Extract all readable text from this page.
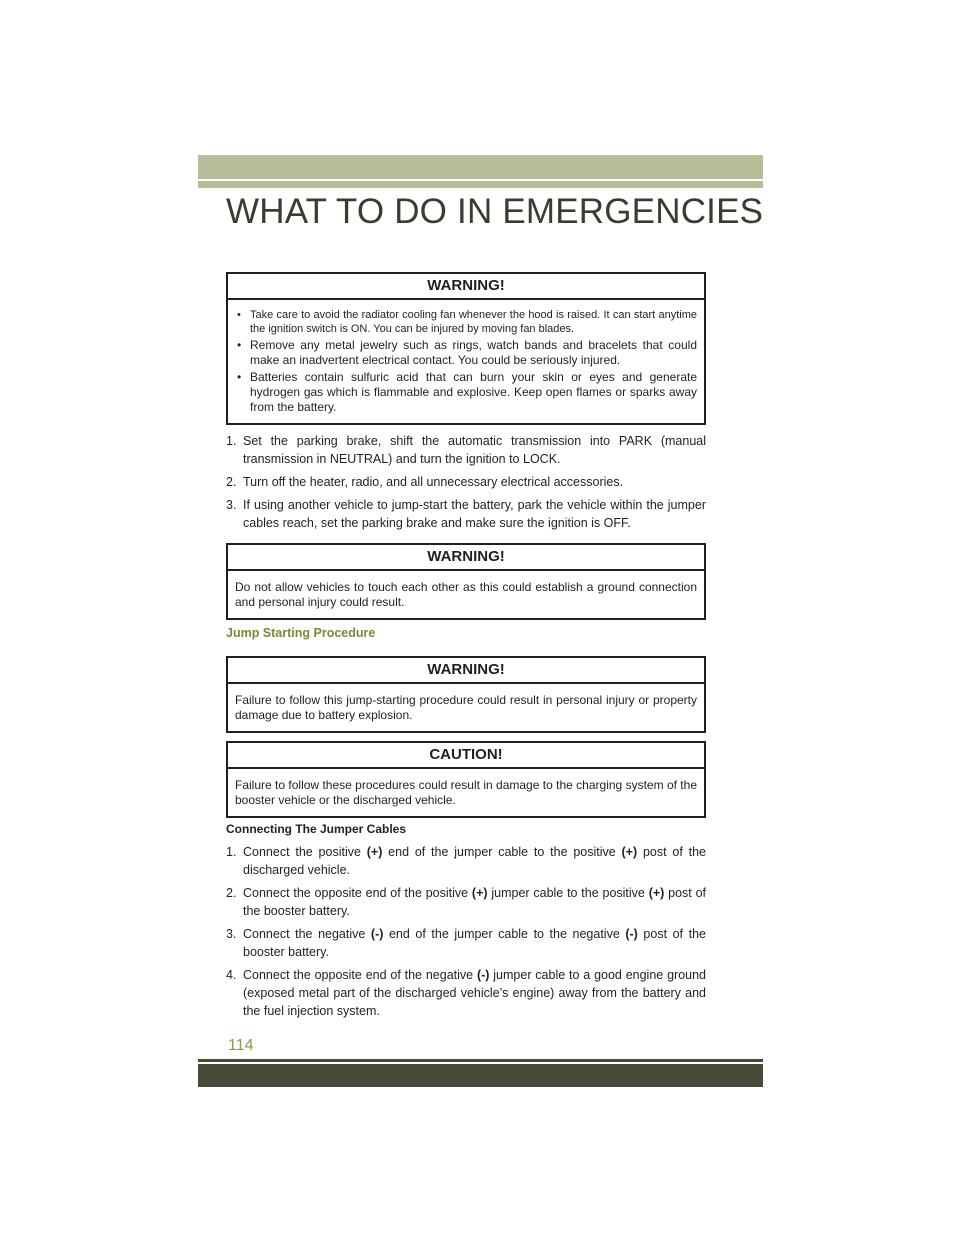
WHAT TO DO IN EMERGENCIES
WARNING!
• Take care to avoid the radiator cooling fan whenever the hood is raised. It can start anytime the ignition switch is ON. You can be injured by moving fan blades.
• Remove any metal jewelry such as rings, watch bands and bracelets that could make an inadvertent electrical contact. You could be seriously injured.
• Batteries contain sulfuric acid that can burn your skin or eyes and generate hydrogen gas which is flammable and explosive. Keep open flames or sparks away from the battery.
1. Set the parking brake, shift the automatic transmission into PARK (manual transmission in NEUTRAL) and turn the ignition to LOCK.
2. Turn off the heater, radio, and all unnecessary electrical accessories.
3. If using another vehicle to jump-start the battery, park the vehicle within the jumper cables reach, set the parking brake and make sure the ignition is OFF.
WARNING!
Do not allow vehicles to touch each other as this could establish a ground connection and personal injury could result.
Jump Starting Procedure
WARNING!
Failure to follow this jump-starting procedure could result in personal injury or property damage due to battery explosion.
CAUTION!
Failure to follow these procedures could result in damage to the charging system of the booster vehicle or the discharged vehicle.
Connecting The Jumper Cables
1. Connect the positive (+) end of the jumper cable to the positive (+) post of the discharged vehicle.
2. Connect the opposite end of the positive (+) jumper cable to the positive (+) post of the booster battery.
3. Connect the negative (-) end of the jumper cable to the negative (-) post of the booster battery.
4. Connect the opposite end of the negative (-) jumper cable to a good engine ground (exposed metal part of the discharged vehicle’s engine) away from the battery and the fuel injection system.
114
